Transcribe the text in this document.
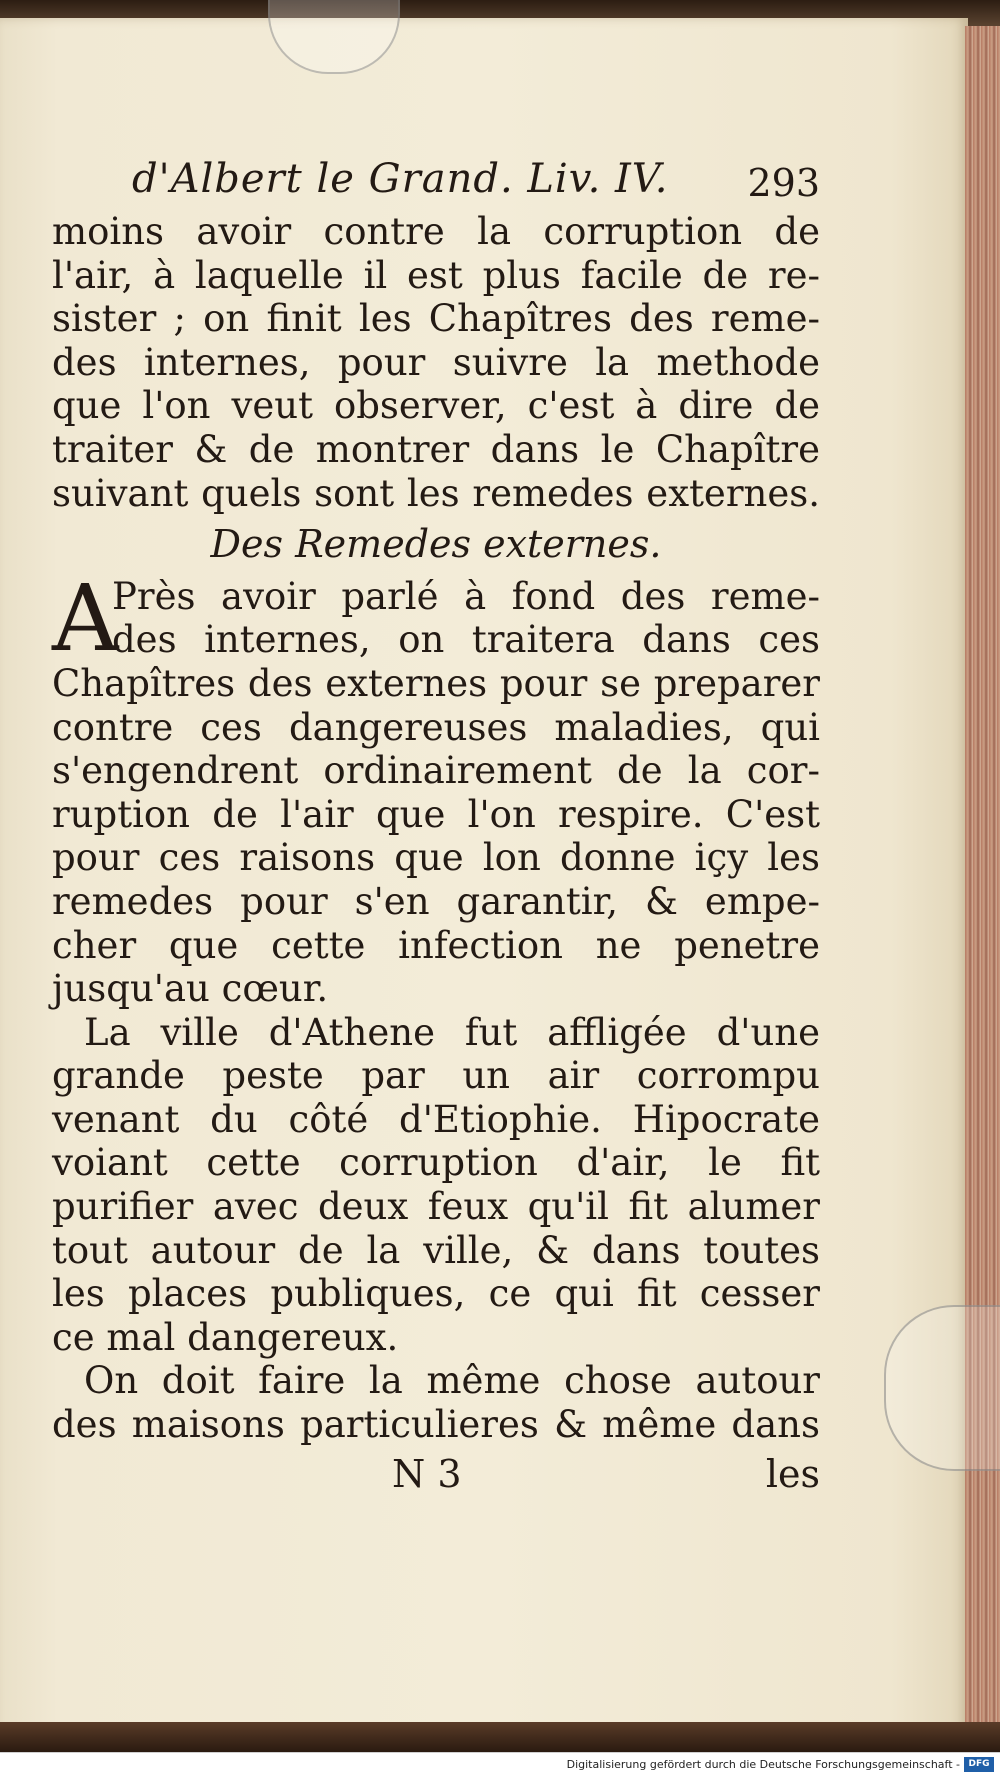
d'Albert le Grand. Liv. IV. 293
moins avoir contre la corruption de
l'air, à laquelle il est plus facile de re-
sister ; on finit les Chapîtres des reme-
des internes, pour suivre la methode
que l'on veut observer, c'est à dire de
traiter & de montrer dans le Chapître
suivant quels sont les remedes externes.
Des Remedes externes.
A
Près avoir parlé à fond des reme-
des internes, on traitera dans ces
Chapîtres des externes pour se preparer
contre ces dangereuses maladies, qui
s'engendrent ordinairement de la cor-
ruption de l'air que l'on respire. C'est
pour ces raisons que lon donne içy les
remedes pour s'en garantir, & empe-
cher que cette infection ne penetre
jusqu'au cœur.
La ville d'Athene fut affligée d'une
grande peste par un air corrompu
venant du côté d'Etiophie. Hipocrate
voiant cette corruption d'air, le fit
purifier avec deux feux qu'il fit alumer
tout autour de la ville, & dans toutes
les places publiques, ce qui fit cesser
ce mal dangereux.
On doit faire la même chose autour
des maisons particulieres & même dans
N 3	les
Digitalisierung gefördert durch die Deutsche Forschungsgemeinschaft - DFG
